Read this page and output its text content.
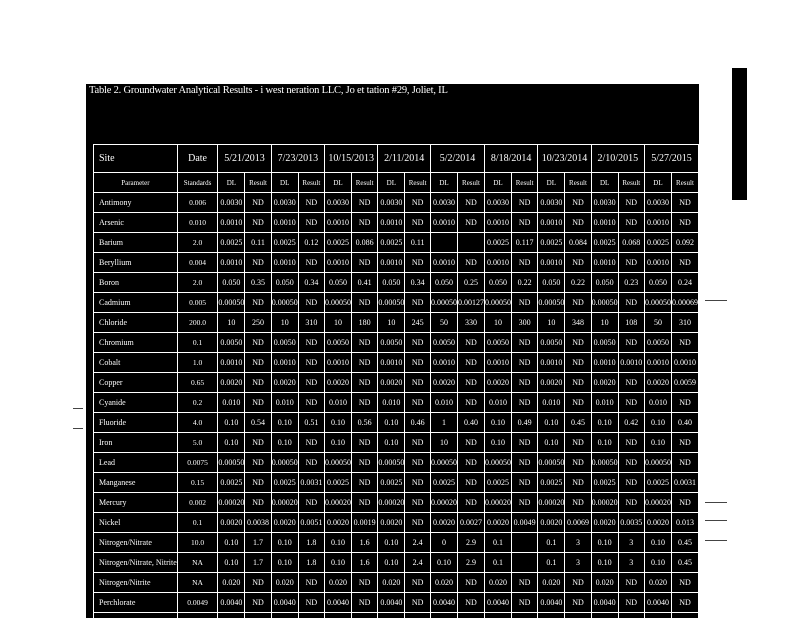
Table 2. Groundwater Analytical Results - i west neration LLC, Jo et tation #29, Joliet, IL
Site	Date	5/21/2013		7/23/2013		10/15/2013		2/11/2014		5/2/2014		8/18/2014		10/23/2014		2/10/2015		5/27/2015	
Parameter	Standards	DL	Result	DL	Result	DL	Result	DL	Result	DL	Result	DL	Result	DL	Result	DL	Result	DL	Result
Antimony	0.006	0.0030	ND	0.0030	ND	0.0030	ND	0.0030	ND	0.0030	ND	0.0030	ND	0.0030	ND	0.0030	ND	0.0030	ND
Arsenic	0.010	0.0010	ND	0.0010	ND	0.0010	ND	0.0010	ND	0.0010	ND	0.0010	ND	0.0010	ND	0.0010	ND	0.0010	ND
Barium	2.0	0.0025	0.11	0.0025	0.12	0.0025	0.086	0.0025	0.11			0.0025	0.117	0.0025	0.084	0.0025	0.068	0.0025	0.092
Beryllium	0.004	0.0010	ND	0.0010	ND	0.0010	ND	0.0010	ND	0.0010	ND	0.0010	ND	0.0010	ND	0.0010	ND	0.0010	ND
Boron	2.0	0.050	0.35	0.050	0.34	0.050	0.41	0.050	0.34	0.050	0.25	0.050	0.22	0.050	0.22	0.050	0.23	0.050	0.24
Cadmium	0.005	0.00050	ND	0.00050	ND	0.00050	ND	0.00050	ND	0.00050	0.00127	0.00050	ND	0.00050	ND	0.00050	ND	0.00050	0.00069
Chloride	200.0	10	250	10	310	10	180	10	245	50	330	10	300	10	348	10	108	50	310
Chromium	0.1	0.0050	ND	0.0050	ND	0.0050	ND	0.0050	ND	0.0050	ND	0.0050	ND	0.0050	ND	0.0050	ND	0.0050	ND
Cobalt	1.0	0.0010	ND	0.0010	ND	0.0010	ND	0.0010	ND	0.0010	ND	0.0010	ND	0.0010	ND	0.0010	0.0010	0.0010	0.0010
Copper	0.65	0.0020	ND	0.0020	ND	0.0020	ND	0.0020	ND	0.0020	ND	0.0020	ND	0.0020	ND	0.0020	ND	0.0020	0.0059
Cyanide	0.2	0.010	ND	0.010	ND	0.010	ND	0.010	ND	0.010	ND	0.010	ND	0.010	ND	0.010	ND	0.010	ND
Fluoride	4.0	0.10	0.54	0.10	0.51	0.10	0.56	0.10	0.46	1	0.40	0.10	0.49	0.10	0.45	0.10	0.42	0.10	0.40
Iron	5.0	0.10	ND	0.10	ND	0.10	ND	0.10	ND	10	ND	0.10	ND	0.10	ND	0.10	ND	0.10	ND
Lead	0.0075	0.00050	ND	0.00050	ND	0.00050	ND	0.00050	ND	0.00050	ND	0.00050	ND	0.00050	ND	0.00050	ND	0.00050	ND
Manganese	0.15	0.0025	ND	0.0025	0.0031	0.0025	ND	0.0025	ND	0.0025	ND	0.0025	ND	0.0025	ND	0.0025	ND	0.0025	0.0031
Mercury	0.002	0.00020	ND	0.00020	ND	0.00020	ND	0.00020	ND	0.00020	ND	0.00020	ND	0.00020	ND	0.00020	ND	0.00020	ND
Nickel	0.1	0.0020	0.0038	0.0020	0.0051	0.0020	0.0019	0.0020	ND	0.0020	0.0027	0.0020	0.0049	0.0020	0.0069	0.0020	0.0035	0.0020	0.013
Nitrogen/Nitrate	10.0	0.10	1.7	0.10	1.8	0.10	1.6	0.10	2.4	0	2.9	0.1		0.1	3	0.10	3	0.10	0.45
Nitrogen/Nitrate, Nitrite	NA	0.10	1.7	0.10	1.8	0.10	1.6	0.10	2.4	0.10	2.9	0.1		0.1	3	0.10	3	0.10	0.45
Nitrogen/Nitrite	NA	0.020	ND	0.020	ND	0.020	ND	0.020	ND	0.020	ND	0.020	ND	0.020	ND	0.020	ND	0.020	ND
Perchlorate	0.0049	0.0040	ND	0.0040	ND	0.0040	ND	0.0040	ND	0.0040	ND	0.0040	ND	0.0040	ND	0.0040	ND	0.0040	ND
Selenium	0.05	0.0025	0.0032	0.0025	ND	0.0025	ND	0.0025	ND	0.0025	ND	0.0025	ND	0.0025	ND	0.0025	ND	0.0025	ND
